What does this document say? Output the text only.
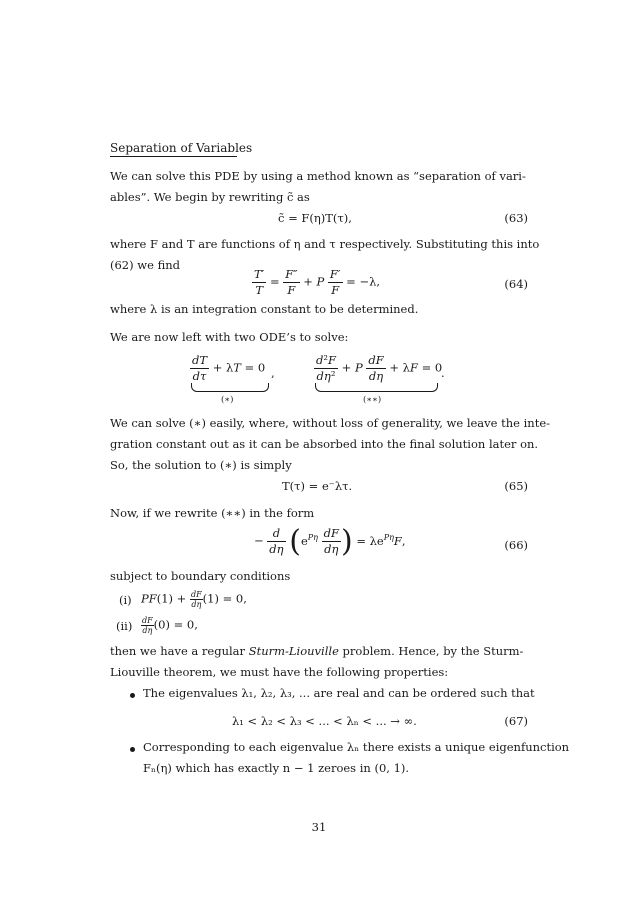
Separation of Variables
We can solve this PDE by using a method known as “separation of vari-
ables”. We begin by rewriting c̃ as
c̃ = F(η)T(τ),	(63)
where F and T are functions of η and τ respectively. Substituting this into
(62) we find
$\frac{T'}{T} = \frac{F''}{F} + P \frac{F'}{F} = -\lambda$,	(64)
where λ is an integration constant to be determined.
We are now left with two ODE’s to solve:
$\frac{dT}{d\tau} + \lambda T = 0$ ,
(∗)
$\frac{\text{d²F}}{\text{dη²}} + P \frac{dF}{d\eta} + \lambda F = 0$
.
(∗∗)
We can solve (∗) easily, where, without loss of generality, we leave the inte-
gration constant out as it can be absorbed into the final solution later on.
So, the solution to (∗) is simply
T(τ) = e⁻λτ.	(65)
Now, if we rewrite (∗∗) in the form
− $\frac{d}{d\eta} (e^{P\eta} \frac{dF}{d\eta}$ ) = $\lambda e^{P\eta}F$,	(66)
subject to boundary conditions
(i) $PF(1) + \frac{dF}{d\eta} (1) = 0$,
$(ii) \frac{dF}{d\eta} (0) = 0$,
then we have a regular Sturm-Liouville problem. Hence, by the Sturm-
Liouville theorem, we must have the following properties:
The eigenvalues λ₁, λ₂, λ₃, ... are real and can be ordered such that
λ₁ < λ₂ < λ₃ < ... < λₙ < ... → ∞.	(67)
Corresponding to each eigenvalue λₙ there exists a unique eigenfunction
Fₙ(η) which has exactly n − 1 zeroes in (0, 1).
31
